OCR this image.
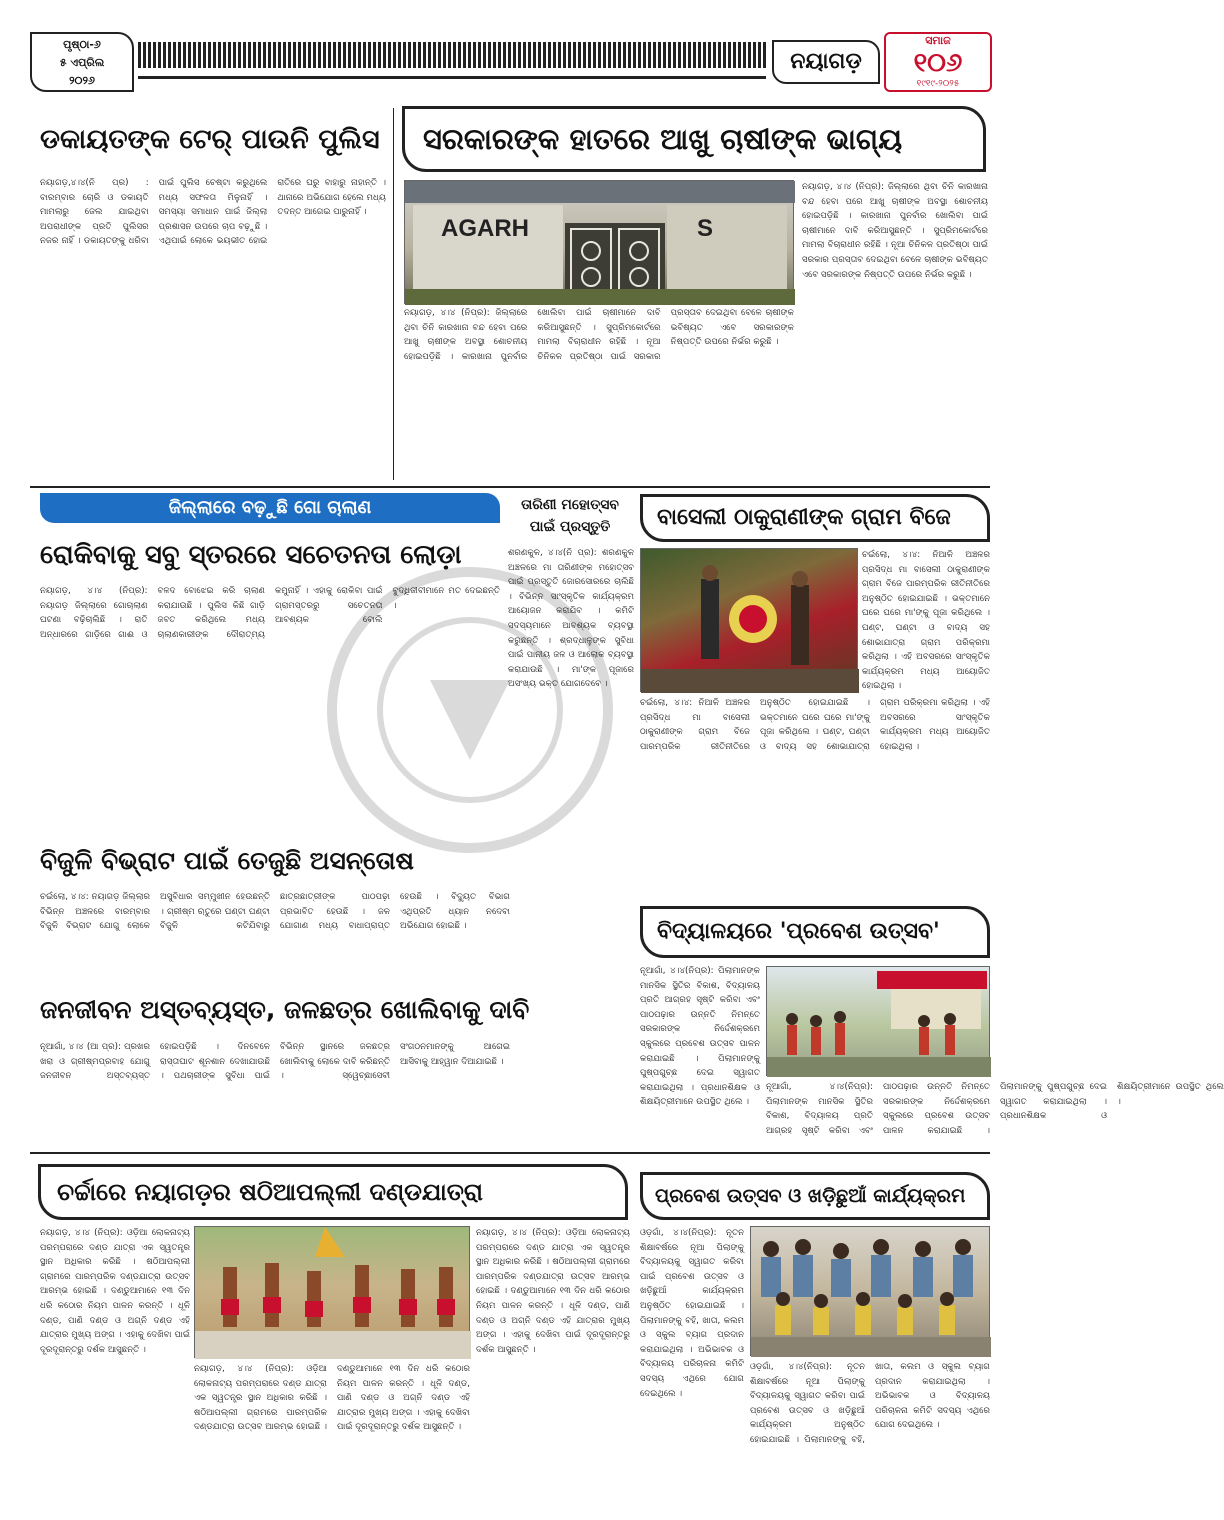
ପୃଷ୍ଠା-୬
୫ ଏପ୍ରିଲ
୨୦୨୬
ନୟାଗଡ଼
ସମାଜ
୧୦୬
୧୯୧୯-୨୦୨୫
ଡକାୟତଙ୍କ ଟେର୍ ପାଉନି ପୁଲିସ
ନୟାଗଡ଼,୪।୪(ନି ପ୍ର) : ବାରମ୍ବାର ଚୋରି ଓ ଡକାୟତି ମାମଲାରୁ ଜେଲ ଯାଇଥିବା ଅପରାଧୀଙ୍କ ପ୍ରତି ପୁଲିସର ନଜର ନାହିଁ । ଡକାୟତଙ୍କୁ ଧରିବା ପାଇଁ ପୁଲିସ ଚେଷ୍ଟା କରୁଥିଲେ ମଧ୍ୟ ସଫଳତା ମିଳୁନାହିଁ । ସମସ୍ୟା ସମାଧାନ ପାଇଁ ଜିଲ୍ଲା ପ୍ରଶାସନ ଉପରେ ଚାପ ବଢ଼ୁଛି । ଏଥିପାଇଁ ଲୋକେ ଭୟଭୀତ ହୋଇ ରାତିରେ ଘରୁ ବାହାରୁ ନାହାନ୍ତି । ଥାନାରେ ଅଭିଯୋଗ ହେଲେ ମଧ୍ୟ ତଦନ୍ତ ଆଗେଇ ପାରୁନାହିଁ ।
ସରକାରଙ୍କ ହାତରେ ଆଖୁ ଚାଷୀଙ୍କ ଭାଗ୍ୟ
AGARH	S
ନୟାଗଡ଼, ୪।୪ (ନିପ୍ର): ଜିଲ୍ଲାରେ ଥିବା ଚିନି କାରଖାନା ବନ୍ଦ ହେବା ପରେ ଆଖୁ ଚାଷୀଙ୍କ ଅବସ୍ଥା ଶୋଚନୀୟ ହୋଇପଡ଼ିଛି । କାରଖାନା ପୁନର୍ବାର ଖୋଲିବା ପାଇଁ ଚାଷୀମାନେ ଦାବି କରିଆସୁଛନ୍ତି । ସୁପ୍ରିମକୋର୍ଟରେ ମାମଲା ବିଚାରାଧୀନ ରହିଛି । ନୂଆ ଚିନିକଳ ପ୍ରତିଷ୍ଠା ପାଇଁ ସରକାର ପ୍ରସ୍ତାବ ଦେଇଥିବା ବେଳେ ଚାଷୀଙ୍କ ଭବିଷ୍ୟତ ଏବେ ସରକାରଙ୍କ ନିଷ୍ପତ୍ତି ଉପରେ ନିର୍ଭର କରୁଛି ।
ନୟାଗଡ଼, ୪।୪ (ନିପ୍ର): ଜିଲ୍ଲାରେ ଥିବା ଚିନି କାରଖାନା ବନ୍ଦ ହେବା ପରେ ଆଖୁ ଚାଷୀଙ୍କ ଅବସ୍ଥା ଶୋଚନୀୟ ହୋଇପଡ଼ିଛି । କାରଖାନା ପୁନର୍ବାର ଖୋଲିବା ପାଇଁ ଚାଷୀମାନେ ଦାବି କରିଆସୁଛନ୍ତି । ସୁପ୍ରିମକୋର୍ଟରେ ମାମଲା ବିଚାରାଧୀନ ରହିଛି । ନୂଆ ଚିନିକଳ ପ୍ରତିଷ୍ଠା ପାଇଁ ସରକାର ପ୍ରସ୍ତାବ ଦେଇଥିବା ବେଳେ ଚାଷୀଙ୍କ ଭବିଷ୍ୟତ ଏବେ ସରକାରଙ୍କ ନିଷ୍ପତ୍ତି ଉପରେ ନିର୍ଭର କରୁଛି ।
ଜିଲ୍ଲାରେ ବଢ଼ୁଛି ଗୋ ଚାଲାଣ
ରୋକିବାକୁ ସବୁ ସ୍ତରରେ ସଚେତନତା ଲୋଡ଼ା
ନୟାଗଡ଼, ୪।୪ (ନିପ୍ର): ନୟାଗଡ଼ ଜିଲ୍ଲାରେ ଗୋଚାଲାଣ ଘଟଣା ବଢ଼ିଚାଲିଛି । ରାତି ଅନ୍ଧାରରେ ଗାଡ଼ିରେ ଗାଈ ଓ ବଳଦ ବୋଝେଇ କରି ଚାଲାଣ କରାଯାଉଛି । ପୁଲିସ କିଛି ଗାଡ଼ି ଜବତ କରିଥିଲେ ମଧ୍ୟ ଚାଲାଣକାରୀଙ୍କ ଦୌରାତ୍ମ୍ୟ କମୁନାହିଁ । ଏହାକୁ ରୋକିବା ପାଇଁ ଗ୍ରାମସ୍ତରରୁ ସଚେତନତା ଆବଶ୍ୟକ ବୋଲି ବୁଦ୍ଧିଜୀବୀମାନେ ମତ ଦେଇଛନ୍ତି ।
ତାରିଣୀ ମହୋତ୍ସବ
ପାଇଁ ପ୍ରସ୍ତୁତି
ଶରଣକୁଳ, ୪।୪(ନି ପ୍ର): ଶରଣକୁଳ ଅଞ୍ଚଳରେ ମା ତାରିଣୀଙ୍କ ମହୋତ୍ସବ ପାଇଁ ପ୍ରସ୍ତୁତି ଜୋରସୋରରେ ଚାଲିଛି । ବିଭିନ୍ନ ସାଂସ୍କୃତିକ କାର୍ଯ୍ୟକ୍ରମ ଆୟୋଜନ କରାଯିବ । କମିଟି ସଦସ୍ୟମାନେ ଆବଶ୍ୟକ ବ୍ୟବସ୍ଥା କରୁଛନ୍ତି । ଶ୍ରଦ୍ଧାଳୁଙ୍କ ସୁବିଧା ପାଇଁ ପାନୀୟ ଜଳ ଓ ଆଲୋକ ବ୍ୟବସ୍ଥା କରାଯାଉଛି । ମା'ଙ୍କ ପୂଜାରେ ଅସଂଖ୍ୟ ଭକ୍ତ ଯୋଗଦେବେ ।
ବାସେଲୀ ଠାକୁରାଣୀଙ୍କ ଗ୍ରାମ ବିଜେ
ଚଇଁଲୋ, ୪।୪: ନିଆଳି ଅଞ୍ଚଳର ପ୍ରସିଦ୍ଧ ମା ବାସେଲୀ ଠାକୁରାଣୀଙ୍କ ଗ୍ରାମ ବିଜେ ପାରମ୍ପରିକ ରୀତିନୀତିରେ ଅନୁଷ୍ଠିତ ହୋଇଯାଇଛି । ଭକ୍ତମାନେ ଘରେ ଘରେ ମା'ଙ୍କୁ ପୂଜା କରିଥିଲେ । ଘଣ୍ଟ, ଘଣ୍ଟା ଓ ବାଦ୍ୟ ସହ ଶୋଭାଯାତ୍ରା ଗ୍ରାମ ପରିକ୍ରମା କରିଥିଲା । ଏହି ଅବସରରେ ସାଂସ୍କୃତିକ କାର୍ଯ୍ୟକ୍ରମ ମଧ୍ୟ ଆୟୋଜିତ ହୋଇଥିଲା ।
ଚଇଁଲୋ, ୪।୪: ନିଆଳି ଅଞ୍ଚଳର ପ୍ରସିଦ୍ଧ ମା ବାସେଲୀ ଠାକୁରାଣୀଙ୍କ ଗ୍ରାମ ବିଜେ ପାରମ୍ପରିକ ରୀତିନୀତିରେ ଅନୁଷ୍ଠିତ ହୋଇଯାଇଛି । ଭକ୍ତମାନେ ଘରେ ଘରେ ମା'ଙ୍କୁ ପୂଜା କରିଥିଲେ । ଘଣ୍ଟ, ଘଣ୍ଟା ଓ ବାଦ୍ୟ ସହ ଶୋଭାଯାତ୍ରା ଗ୍ରାମ ପରିକ୍ରମା କରିଥିଲା । ଏହି ଅବସରରେ ସାଂସ୍କୃତିକ କାର୍ଯ୍ୟକ୍ରମ ମଧ୍ୟ ଆୟୋଜିତ ହୋଇଥିଲା ।
ବିଜୁଳି ବିଭ୍ରାଟ ପାଇଁ ତେଜୁଛି ଅସନ୍ତୋଷ
ଚଇଁଲୋ, ୪।୪: ନୟାଗଡ଼ ଜିଲ୍ଲାର ବିଭିନ୍ନ ଅଞ୍ଚଳରେ ବାରମ୍ବାର ବିଜୁଳି ବିଭ୍ରାଟ ଯୋଗୁ ଲୋକେ ଅସୁବିଧାର ସମ୍ମୁଖୀନ ହେଉଛନ୍ତି । ଗ୍ରୀଷ୍ମ ଋତୁରେ ଘଣ୍ଟା ଘଣ୍ଟା ବିଜୁଳି କଟିଯିବାରୁ ଛାତ୍ରଛାତ୍ରୀଙ୍କ ପାଠପଢ଼ା ପ୍ରଭାବିତ ହେଉଛି । ଜଳ ଯୋଗାଣ ମଧ୍ୟ ବାଧାପ୍ରାପ୍ତ ହେଉଛି । ବିଦ୍ୟୁତ ବିଭାଗ ଏଥିପ୍ରତି ଧ୍ୟାନ ନଦେବା ଅଭିଯୋଗ ହୋଇଛି ।	ବିଦ୍ୟାଳୟରେ 'ପ୍ରବେଶ ଉତ୍ସବ'
ନୂଆଗାଁ, ୪।୪(ନିପ୍ର): ପିଲାମାନଙ୍କ ମାନସିକ ସ୍ଥିତିର ବିକାଶ, ବିଦ୍ୟାଳୟ ପ୍ରତି ଆଗ୍ରହ ସୃଷ୍ଟି କରିବା ଏବଂ ପାଠପଢ଼ାର ଉନ୍ନତି ନିମନ୍ତେ ସରକାରଙ୍କ ନିର୍ଦ୍ଦେଶକ୍ରମେ ସ୍କୁଲରେ ପ୍ରବେଶ ଉତ୍ସବ ପାଳନ କରାଯାଇଛି । ପିଲାମାନଙ୍କୁ ପୁଷ୍ପଗୁଚ୍ଛ ଦେଇ ସ୍ୱାଗତ କରାଯାଇଥିଲା । ପ୍ରଧାନଶିକ୍ଷକ ଓ ଶିକ୍ଷୟିତ୍ରୀମାନେ ଉପସ୍ଥିତ ଥିଲେ ।
ନୂଆଗାଁ, ୪।୪(ନିପ୍ର): ପିଲାମାନଙ୍କ ମାନସିକ ସ୍ଥିତିର ବିକାଶ, ବିଦ୍ୟାଳୟ ପ୍ରତି ଆଗ୍ରହ ସୃଷ୍ଟି କରିବା ଏବଂ ପାଠପଢ଼ାର ଉନ୍ନତି ନିମନ୍ତେ ସରକାରଙ୍କ ନିର୍ଦ୍ଦେଶକ୍ରମେ ସ୍କୁଲରେ ପ୍ରବେଶ ଉତ୍ସବ ପାଳନ କରାଯାଇଛି । ପିଲାମାନଙ୍କୁ ପୁଷ୍ପଗୁଚ୍ଛ ଦେଇ ସ୍ୱାଗତ କରାଯାଇଥିଲା । ପ୍ରଧାନଶିକ୍ଷକ ଓ ଶିକ୍ଷୟିତ୍ରୀମାନେ ଉପସ୍ଥିତ ଥିଲେ ।
ଜନଜୀବନ ଅସ୍ତବ୍ୟସ୍ତ, ଜଳଛତ୍ର ଖୋଲିବାକୁ ଦାବି
ନୂଆଗାଁ, ୪।୪ (ଆ ପ୍ର): ପ୍ରଖର ଖରା ଓ ଗ୍ରୀଷ୍ମପ୍ରବାହ ଯୋଗୁ ଜନଜୀବନ ଅସ୍ତବ୍ୟସ୍ତ ହୋଇପଡ଼ିଛି । ଦିନବେଳେ ରାସ୍ତାଘାଟ ଶୂନଶାନ ଦେଖାଯାଉଛି । ପଥଚାରୀଙ୍କ ସୁବିଧା ପାଇଁ ବିଭିନ୍ନ ସ୍ଥାନରେ ଜଳଛତ୍ର ଖୋଲିବାକୁ ଲୋକେ ଦାବି କରିଛନ୍ତି । ସ୍ୱେଚ୍ଛାସେବୀ ସଂଗଠନମାନଙ୍କୁ ଆଗେଇ ଆସିବାକୁ ଆହ୍ୱାନ ଦିଆଯାଇଛି ।
ଚର୍ଚ୍ଚାରେ ନୟାଗଡ଼ର ଷଠିଆପଲ୍ଲୀ ଦଣ୍ଡଯାତ୍ରା
ନୟାଗଡ଼, ୪।୪ (ନିପ୍ର): ଓଡ଼ିଆ ଲୋକନାଟ୍ୟ ପରମ୍ପରାରେ ଦଣ୍ଡ ଯାତ୍ରା ଏକ ସ୍ୱତନ୍ତ୍ର ସ୍ଥାନ ଅଧିକାର କରିଛି । ଷଠିଆପଲ୍ଲୀ ଗ୍ରାମରେ ପାରମ୍ପରିକ ଦଣ୍ଡଯାତ୍ରା ଉତ୍ସବ ଆରମ୍ଭ ହୋଇଛି । ଦଣ୍ଡୁଆମାନେ ୧୩ ଦିନ ଧରି କଠୋର ନିୟମ ପାଳନ କରନ୍ତି । ଧୂଳି ଦଣ୍ଡ, ପାଣି ଦଣ୍ଡ ଓ ଅଗ୍ନି ଦଣ୍ଡ ଏହି ଯାତ୍ରାର ମୁଖ୍ୟ ଅଙ୍ଗ । ଏହାକୁ ଦେଖିବା ପାଇଁ ଦୂରଦୂରାନ୍ତରୁ ଦର୍ଶକ ଆସୁଛନ୍ତି ।
ନୟାଗଡ଼, ୪।୪ (ନିପ୍ର): ଓଡ଼ିଆ ଲୋକନାଟ୍ୟ ପରମ୍ପରାରେ ଦଣ୍ଡ ଯାତ୍ରା ଏକ ସ୍ୱତନ୍ତ୍ର ସ୍ଥାନ ଅଧିକାର କରିଛି । ଷଠିଆପଲ୍ଲୀ ଗ୍ରାମରେ ପାରମ୍ପରିକ ଦଣ୍ଡଯାତ୍ରା ଉତ୍ସବ ଆରମ୍ଭ ହୋଇଛି । ଦଣ୍ଡୁଆମାନେ ୧୩ ଦିନ ଧରି କଠୋର ନିୟମ ପାଳନ କରନ୍ତି । ଧୂଳି ଦଣ୍ଡ, ପାଣି ଦଣ୍ଡ ଓ ଅଗ୍ନି ଦଣ୍ଡ ଏହି ଯାତ୍ରାର ମୁଖ୍ୟ ଅଙ୍ଗ । ଏହାକୁ ଦେଖିବା ପାଇଁ ଦୂରଦୂରାନ୍ତରୁ ଦର୍ଶକ ଆସୁଛନ୍ତି ।
ନୟାଗଡ଼, ୪।୪ (ନିପ୍ର): ଓଡ଼ିଆ ଲୋକନାଟ୍ୟ ପରମ୍ପରାରେ ଦଣ୍ଡ ଯାତ୍ରା ଏକ ସ୍ୱତନ୍ତ୍ର ସ୍ଥାନ ଅଧିକାର କରିଛି । ଷଠିଆପଲ୍ଲୀ ଗ୍ରାମରେ ପାରମ୍ପରିକ ଦଣ୍ଡଯାତ୍ରା ଉତ୍ସବ ଆରମ୍ଭ ହୋଇଛି । ଦଣ୍ଡୁଆମାନେ ୧୩ ଦିନ ଧରି କଠୋର ନିୟମ ପାଳନ କରନ୍ତି । ଧୂଳି ଦଣ୍ଡ, ପାଣି ଦଣ୍ଡ ଓ ଅଗ୍ନି ଦଣ୍ଡ ଏହି ଯାତ୍ରାର ମୁଖ୍ୟ ଅଙ୍ଗ । ଏହାକୁ ଦେଖିବା ପାଇଁ ଦୂରଦୂରାନ୍ତରୁ ଦର୍ଶକ ଆସୁଛନ୍ତି ।
ପ୍ରବେଶ ଉତ୍ସବ ଓ ଖଡ଼ିଛୁଆଁ କାର୍ଯ୍ୟକ୍ରମ
ଓଡ଼ଗାଁ, ୪।୪(ନିପ୍ର): ନୂତନ ଶିକ୍ଷାବର୍ଷରେ ନୂଆ ପିଲାଙ୍କୁ ବିଦ୍ୟାଳୟକୁ ସ୍ୱାଗତ କରିବା ପାଇଁ ପ୍ରବେଶ ଉତ୍ସବ ଓ ଖଡ଼ିଛୁଆଁ କାର୍ଯ୍ୟକ୍ରମ ଅନୁଷ୍ଠିତ ହୋଇଯାଇଛି । ପିଲାମାନଙ୍କୁ ବହି, ଖାତା, କଲମ ଓ ସ୍କୁଲ ବ୍ୟାଗ ପ୍ରଦାନ କରାଯାଇଥିଲା । ଅଭିଭାବକ ଓ ବିଦ୍ୟାଳୟ ପରିଚାଳନା କମିଟି ସଦସ୍ୟ ଏଥିରେ ଯୋଗ ଦେଇଥିଲେ ।
ଓଡ଼ଗାଁ, ୪।୪(ନିପ୍ର): ନୂତନ ଶିକ୍ଷାବର୍ଷରେ ନୂଆ ପିଲାଙ୍କୁ ବିଦ୍ୟାଳୟକୁ ସ୍ୱାଗତ କରିବା ପାଇଁ ପ୍ରବେଶ ଉତ୍ସବ ଓ ଖଡ଼ିଛୁଆଁ କାର୍ଯ୍ୟକ୍ରମ ଅନୁଷ୍ଠିତ ହୋଇଯାଇଛି । ପିଲାମାନଙ୍କୁ ବହି, ଖାତା, କଲମ ଓ ସ୍କୁଲ ବ୍ୟାଗ ପ୍ରଦାନ କରାଯାଇଥିଲା । ଅଭିଭାବକ ଓ ବିଦ୍ୟାଳୟ ପରିଚାଳନା କମିଟି ସଦସ୍ୟ ଏଥିରେ ଯୋଗ ଦେଇଥିଲେ ।
